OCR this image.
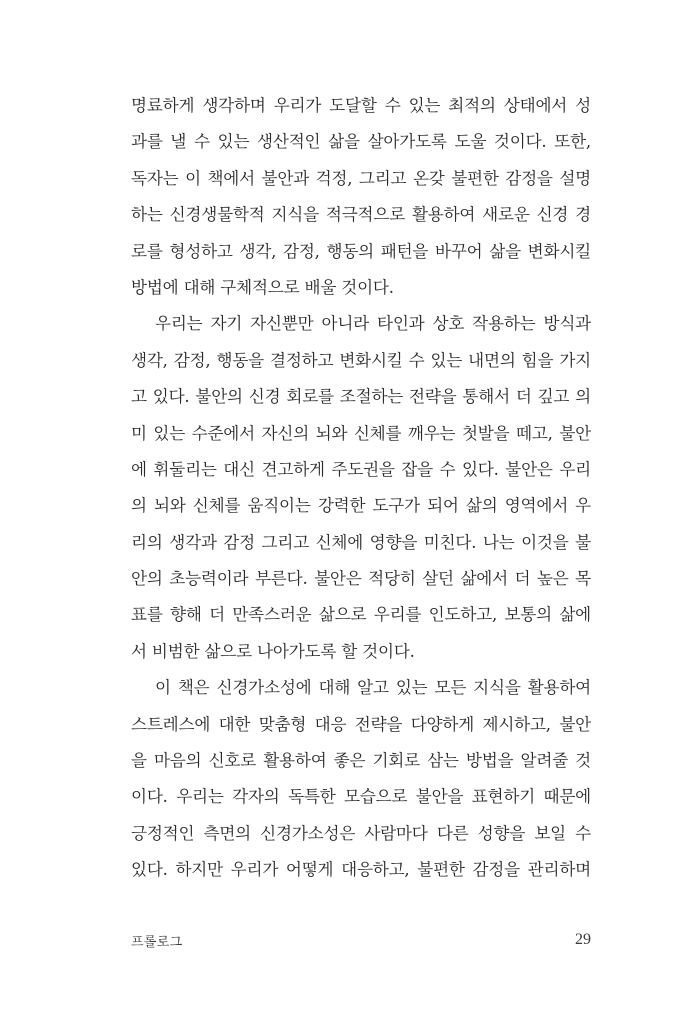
명료하게 생각하며 우리가 도달할 수 있는 최적의 상태에서 성
과를 낼 수 있는 생산적인 삶을 살아가도록 도울 것이다. 또한,
독자는 이 책에서 불안과 걱정, 그리고 온갖 불편한 감정을 설명
하는 신경생물학적 지식을 적극적으로 활용하여 새로운 신경 경
로를 형성하고 생각, 감정, 행동의 패턴을 바꾸어 삶을 변화시킬
방법에 대해 구체적으로 배울 것이다.
우리는 자기 자신뿐만 아니라 타인과 상호 작용하는 방식과
생각, 감정, 행동을 결정하고 변화시킬 수 있는 내면의 힘을 가지
고 있다. 불안의 신경 회로를 조절하는 전략을 통해서 더 깊고 의
미 있는 수준에서 자신의 뇌와 신체를 깨우는 첫발을 떼고, 불안
에 휘둘리는 대신 견고하게 주도권을 잡을 수 있다. 불안은 우리
의 뇌와 신체를 움직이는 강력한 도구가 되어 삶의 영역에서 우
리의 생각과 감정 그리고 신체에 영향을 미친다. 나는 이것을 불
안의 초능력이라 부른다. 불안은 적당히 살던 삶에서 더 높은 목
표를 향해 더 만족스러운 삶으로 우리를 인도하고, 보통의 삶에
서 비범한 삶으로 나아가도록 할 것이다.
이 책은 신경가소성에 대해 알고 있는 모든 지식을 활용하여
스트레스에 대한 맞춤형 대응 전략을 다양하게 제시하고, 불안
을 마음의 신호로 활용하여 좋은 기회로 삼는 방법을 알려줄 것
이다. 우리는 각자의 독특한 모습으로 불안을 표현하기 때문에
긍정적인 측면의 신경가소성은 사람마다 다른 성향을 보일 수
있다. 하지만 우리가 어떻게 대응하고, 불편한 감정을 관리하며
프롤로그	29
